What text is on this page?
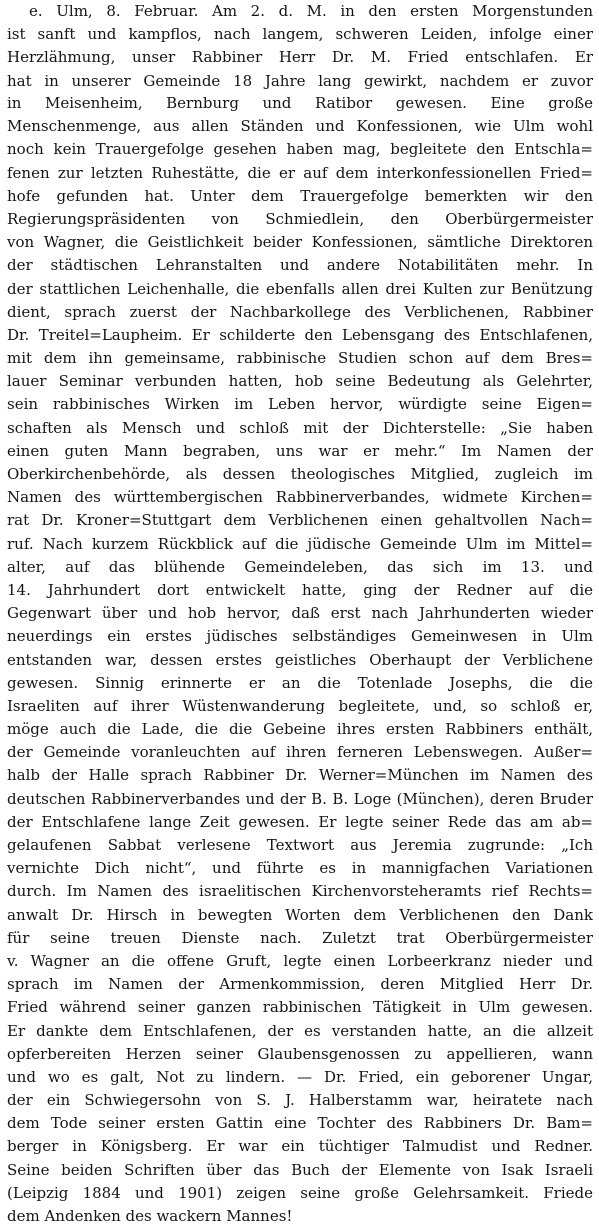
e. Ulm, 8. Februar. Am 2. d. M. in den ersten Morgenstunden
ist sanft und kampflos, nach langem, schweren Leiden, infolge einer
Herzlähmung, unser Rabbiner Herr Dr. M. Fried entschlafen. Er
hat in unserer Gemeinde 18 Jahre lang gewirkt, nachdem er zuvor
in Meisenheim, Bernburg und Ratibor gewesen. Eine große
Menschenmenge, aus allen Ständen und Konfessionen, wie Ulm wohl
noch kein Trauergefolge gesehen haben mag, begleitete den Entschla=
fenen zur letzten Ruhestätte, die er auf dem interkonfessionellen Fried=
hofe gefunden hat. Unter dem Trauergefolge bemerkten wir den
Regierungspräsidenten von Schmiedlein, den Oberbürgermeister
von Wagner, die Geistlichkeit beider Konfessionen, sämtliche Direktoren
der städtischen Lehranstalten und andere Notabilitäten mehr. In
der stattlichen Leichenhalle, die ebenfalls allen drei Kulten zur Benützung
dient, sprach zuerst der Nachbarkollege des Verblichenen, Rabbiner
Dr. Treitel=Laupheim. Er schilderte den Lebensgang des Entschlafenen,
mit dem ihn gemeinsame, rabbinische Studien schon auf dem Bres=
lauer Seminar verbunden hatten, hob seine Bedeutung als Gelehrter,
sein rabbinisches Wirken im Leben hervor, würdigte seine Eigen=
schaften als Mensch und schloß mit der Dichterstelle: „Sie haben
einen guten Mann begraben, uns war er mehr.“ Im Namen der
Oberkirchenbehörde, als dessen theologisches Mitglied, zugleich im
Namen des württembergischen Rabbinerverbandes, widmete Kirchen=
rat Dr. Kroner=Stuttgart dem Verblichenen einen gehaltvollen Nach=
ruf. Nach kurzem Rückblick auf die jüdische Gemeinde Ulm im Mittel=
alter, auf das blühende Gemeindeleben, das sich im 13. und
14. Jahrhundert dort entwickelt hatte, ging der Redner auf die
Gegenwart über und hob hervor, daß erst nach Jahrhunderten wieder
neuerdings ein erstes jüdisches selbständiges Gemeinwesen in Ulm
entstanden war, dessen erstes geistliches Oberhaupt der Verblichene
gewesen. Sinnig erinnerte er an die Totenlade Josephs, die die
Israeliten auf ihrer Wüstenwanderung begleitete, und, so schloß er,
möge auch die Lade, die die Gebeine ihres ersten Rabbiners enthält,
der Gemeinde voranleuchten auf ihren ferneren Lebenswegen. Außer=
halb der Halle sprach Rabbiner Dr. Werner=München im Namen des
deutschen Rabbinerverbandes und der B. B. Loge (München), deren Bruder
der Entschlafene lange Zeit gewesen. Er legte seiner Rede das am ab=
gelaufenen Sabbat verlesene Textwort aus Jeremia zugrunde: „Ich
vernichte Dich nicht“, und führte es in mannigfachen Variationen
durch. Im Namen des israelitischen Kirchenvorsteheramts rief Rechts=
anwalt Dr. Hirsch in bewegten Worten dem Verblichenen den Dank
für seine treuen Dienste nach. Zuletzt trat Oberbürgermeister
v. Wagner an die offene Gruft, legte einen Lorbeerkranz nieder und
sprach im Namen der Armenkommission, deren Mitglied Herr Dr.
Fried während seiner ganzen rabbinischen Tätigkeit in Ulm gewesen.
Er dankte dem Entschlafenen, der es verstanden hatte, an die allzeit
opferbereiten Herzen seiner Glaubensgenossen zu appellieren, wann
und wo es galt, Not zu lindern. — Dr. Fried, ein geborener Ungar,
der ein Schwiegersohn von S. J. Halberstamm war, heiratete nach
dem Tode seiner ersten Gattin eine Tochter des Rabbiners Dr. Bam=
berger in Königsberg. Er war ein tüchtiger Talmudist und Redner.
Seine beiden Schriften über das Buch der Elemente von Isak Israeli
(Leipzig 1884 und 1901) zeigen seine große Gelehrsamkeit. Friede
dem Andenken des wackern Mannes!
